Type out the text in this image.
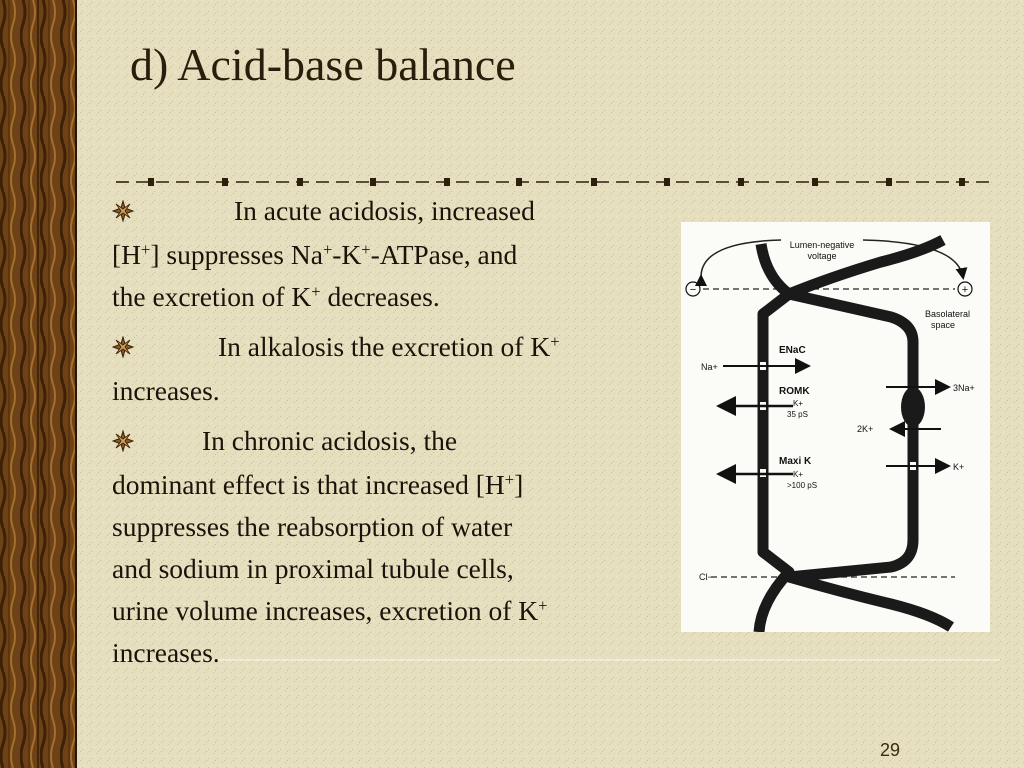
d) Acid-base balance
In acute acidosis, increased
[H+] suppresses Na+-K+-ATPase, and
the excretion of K+ decreases.
In alkalosis the excretion of K+
increases.
In chronic acidosis, the
dominant effect is that increased [H+]
suppresses the reabsorption of water
and sodium in proximal tubule cells,
urine volume increases, excretion of K+
increases.
Lumen-negative
voltage
−	+
Na+
ENaC
ROMK
K+
35 pS
Maxi K
K+
>100 pS
3Na+
2K+
K+
Basolateral
space
Cl−
29
